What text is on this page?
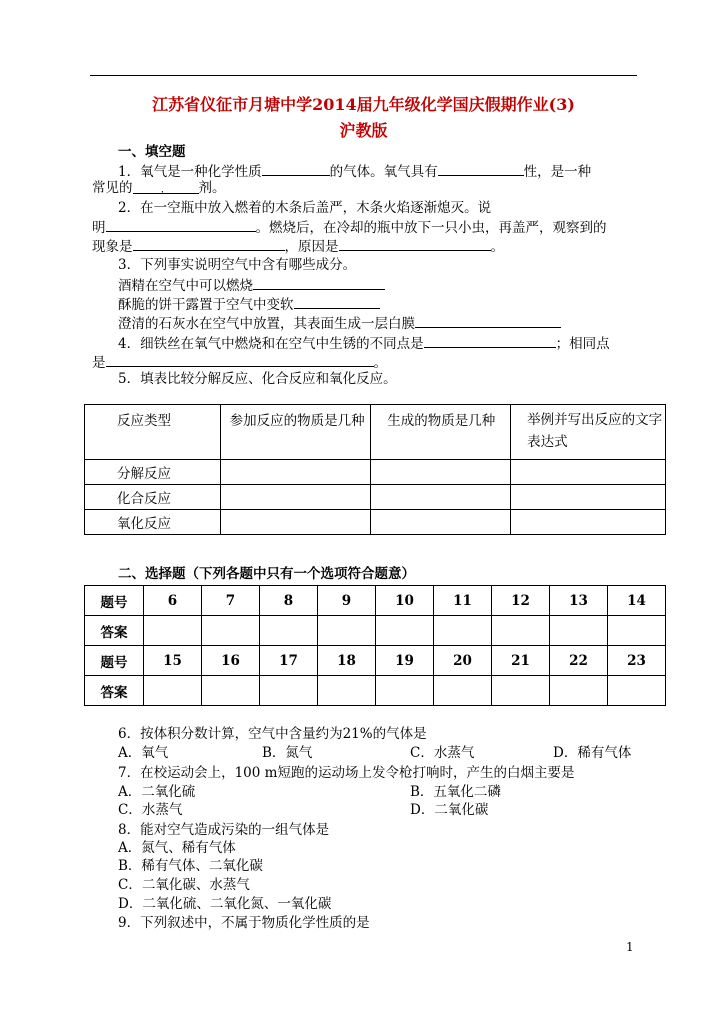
江苏省仪征市月塘中学2014届九年级化学国庆假期作业(3)
沪教版
一、填空题
1．氧气是一种化学性质	的气体。氧气具有	性，是一种
常见的	， 剂。
2．在一空瓶中放入燃着的木条后盖严，木条火焰逐渐熄灭。说
明	。燃烧后，在冷却的瓶中放下一只小虫，再盖严，观察到的
现象是	，原因是	。
3．下列事实说明空气中含有哪些成分。
酒精在空气中可以燃烧
酥脆的饼干露置于空气中变软
澄清的石灰水在空气中放置，其表面生成一层白膜
4．细铁丝在氧气中燃烧和在空气中生锈的不同点是	；相同点
是	。
5．填表比较分解反应、化合反应和氧化反应。
反应类型	参加反应的物质是几种	生成的物质是几种	举例并写出反应的文字表达式
分解反应			
化合反应			
氧化反应			
二、选择题（下列各题中只有一个选项符合题意）
题号	6	7	8	9	10	11	12	13	14
答案									
题号	15	16	17	18	19	20	21	22	23
答案									
6．按体积分数计算，空气中含量约为21%的气体是
A．氧气	B．氮气	C．水蒸气	D．稀有气体
7．在校运动会上，100 m短跑的运动场上发令枪打响时，产生的白烟主要是
A．二氧化硫	B．五氧化二磷
C．水蒸气	D．二氧化碳
8．能对空气造成污染的一组气体是
A．氮气、稀有气体
B．稀有气体、二氧化碳
C．二氧化碳、水蒸气
D．二氧化硫、二氧化氮、一氧化碳
9．下列叙述中，不属于物质化学性质的是
1
